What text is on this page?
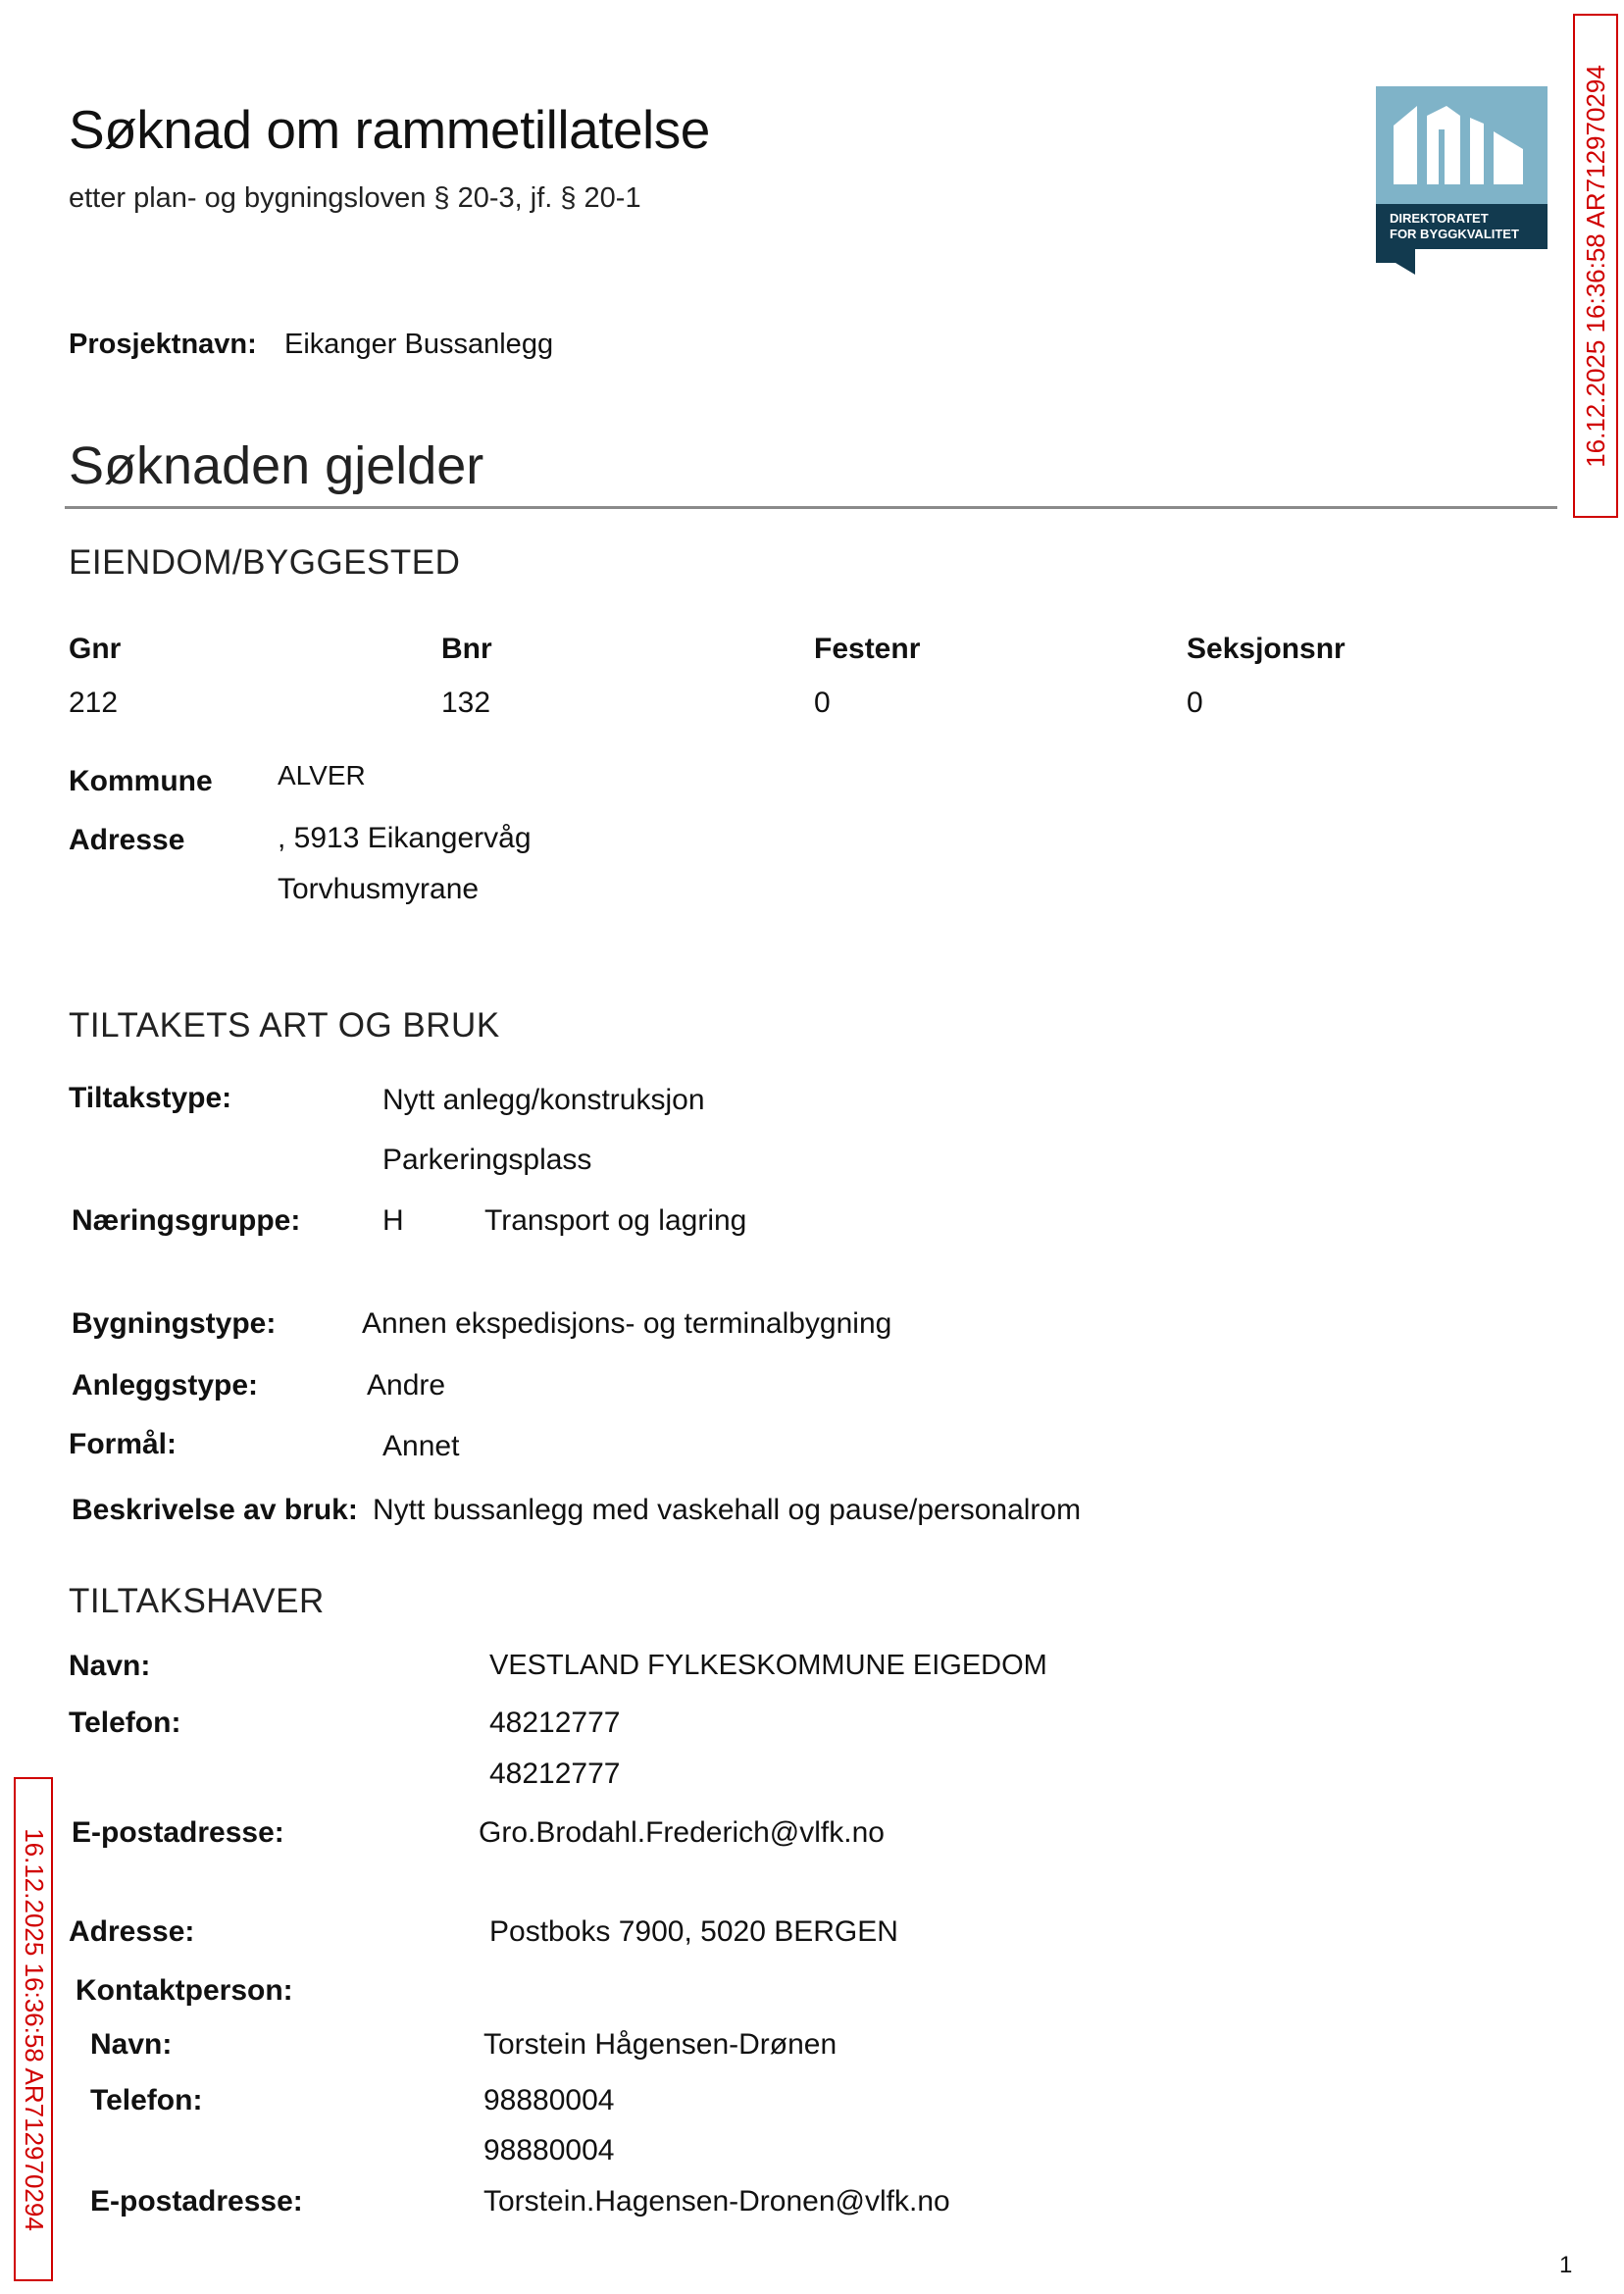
Søknad om rammetillatelse
etter plan- og bygningsloven § 20-3, jf. § 20-1
DIREKTORATET
FOR BYGGKVALITET 16.12.2025 16:36:58 AR712970294
16.12.2025 16:36:58 AR712970294
Prosjektnavn: Eikanger Bussanlegg
Søknaden gjelder
EIENDOM/BYGGESTED
Gnr	Bnr	Festenr	Seksjonsnr
212	132	0	0
Kommune ALVER
Adresse	, 5913 Eikangervåg
Torvhusmyrane
TILTAKETS ART OG BRUK
Tiltakstype:	Nytt anlegg/konstruksjon
Parkeringsplass
Næringsgruppe:	H	Transport og lagring
Bygningstype:	Annen ekspedisjons- og terminalbygning
Anleggstype:	Andre
Formål:	Annet
Beskrivelse av bruk: Nytt bussanlegg med vaskehall og pause/personalrom
TILTAKSHAVER
Navn:	VESTLAND FYLKESKOMMUNE EIGEDOM
Telefon:	48212777
48212777
E-postadresse:	Gro.Brodahl.Frederich@vlfk.no
Adresse:	Postboks 7900, 5020 BERGEN
Kontaktperson:
Navn:	Torstein Hågensen-Drønen
Telefon:	98880004
98880004
E-postadresse:	Torstein.Hagensen-Dronen@vlfk.no
1
